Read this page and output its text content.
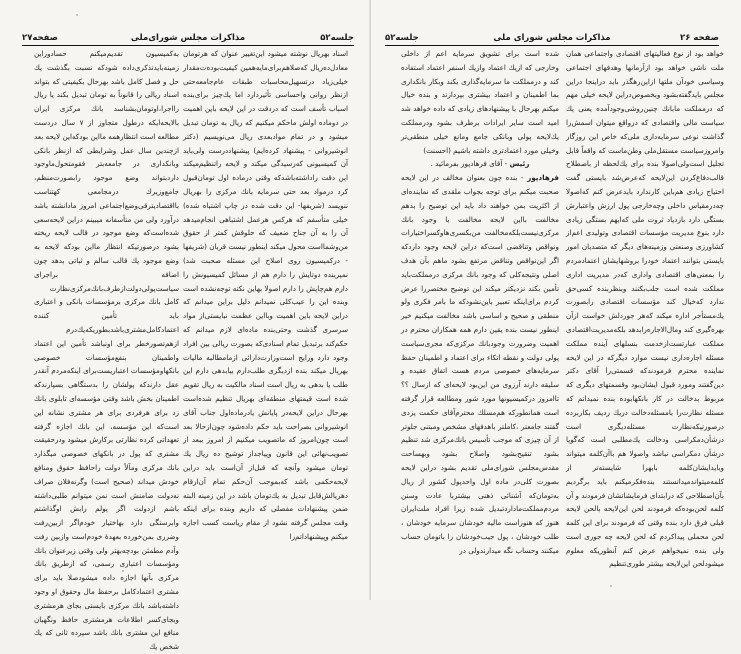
جلسه۵۲
مذاکرات مجلس شورای‌ملی
صفحه۲۷

اسناد بهریال نوشته میشود این‌تغییر عنوان که هرتومان معادل‌ده‌ریال که‌صلاهم‌برای‌مایه‌همین کیفیت‌بوده‌ت‌مقدار خیلی‌زیاد درتسهیل‌محاسبات طبقات عام‌جامعه‌حتی ازنظر روانی واحساسی تأثیردارد اما یك‌چیز برای‌بنده اسباب تأسف است که دردقت در این لایحه باین اهمیت در دوماده اولش ماحکم میکنیم که ریال به تومان تبدیل میشود و در تمام مواد‌بعدی ریال می‌نویسیم (دکتر انوشیروانی - پیشنهاد کرده‌ایم) پیشنهاددرست ولی‌باید آن کمیسیونی که‌رسیدگی میکند و لایحه راتنظیم‌میکند این دقت راداشته‌باشدکه وقتی درماده اول تومان‌قبول کرد درمواد بعد حتی سرمایه بانك مرکزی را بهریال ننویسد (شریفها- این دقت شده در چاپ اشتباه شده) خیلی متأسفم که هرکس هرعمل اشتباهی انجام‌میدهد آن را به آن جناح ضعیف که حلوقش کمتر از حقوق من‌وشما‌است محول میکند اینطور نیست قربان (شریفها - درکمیسیون روی اصلاح این مسئله صحبت شد) نمیرینده دوتایش را دارم هم از مسائل کمیسیونش را دارم هم‌چاپش را دارم اصولا بهاین نکته توجه‌نشده است وبنده این را عیب‌کلی نمیدانم دلیل براین میدانم که دراین لایحه باین اهمیت وبااین عظمت نبایستی‌از مواد سرسری گذشت وحتی‌بنده ماده‌ای لازم میدانم که حکم‌کند برتبدیل تمام اسنادی‌که بصورت ریالی بین افراد وجود دارد ورایج است‌وزارت‌دارائی ازمامطالبه مالیات بهریال میکند بنده ازدیگری طلب‌دارم بیابدهی دارم این طلب یا بدهی به ریال است اسناد مالکیت به ریال تقویم شده است قیمتهای منطقه‌ای بهریال تنظیم شده‌است بهرحال دراین لایحه‌در پایانش یادرماده‌اول جناب آقای انوشیروانی بصراحت باید حکم داده‌شود چون‌ازحالا بعد است چون‌امروز که ماتصویب میکنیم از امروز ببعد از تصویب‌نهائی این قانون وپیاجداز توشیح ده ریال یك تومان میشود وآنچه که قبل‌از آن‌است باید دراین لایحه‌حکمی باشد که‌بموجب آن‌حکم تمام آن‌ارقام دهریالش‌قابل تبدیل به یك‌تومان باشد در این زمینه البته ضمن پیشنهادات مفصلی که داریم وبنده برای اینکه وقت مجلس گرفته نشود از مقام ریاست کسب اجازه میکنم وپیشنهاداتم‌را

به‌کمیسیون تقدیم‌میکنم حسادوراین زمینه‌بایدتذکری‌داده شودکه نسبت بگذشت یك حل و فصل کامل باشد بهرحال بکیفیتی که بتواند اسناد ریالی را قانوناً به تومان تبدیل بکند یا ریال رااجرا،اوتومان‌بشناسد بانك مرکزی ایران بالایحه‌ایکه درطول متجاوز از ۷ سال دردست مطالعه است انتظارهمه مااین بودکه‌این لایحه بعد ازچندین سال عمل وشرایطی که ازنظر بانکی وبانکداری در جامعه‌بتر فقومتحول‌ماوجود داردبتواند وضع موجود رابصورت‌منظم، جامع‌وزیرك درمجامعی کهتناسب بااقتصادیترقی‌وضع‌اجتماعی امروز مادانشته باشد درآورد ولی من متأسفانه میبینم دراین لایحه‌سعی شده‌است‌که وضع موجود در قالب لایحه ریخته بشود درصورتیکه انتظار مااین بودکه لایحه به وضع موجود یك قالب سالم و ثباتی بدهد چون اضافه براجرای سیاست‌پولی‌دولت‌ازطرف‌بانك‌مرکزی‌نظارت کامل بانك مرکزی برمؤسسات بانکی و اعتباری باید تأمین کننده اعتمادکامل‌مشتری‌باشدبطوریکه‌یك‌درم ازهم‌تصورخطر برای اونباشد تأمین این اعتماد واطمینان بنفع‌مؤسسات خصوصی بانکهاومؤسسات اعتباریست‌برای اینکه‌مردم آنقدر عقل دارندکه پولشان را بدستگاهی بسپارندکه اطمینان بخش باشد وقتی مؤسسه‌ای تابلوی بانك زد برای هرفردی برای هر مشتری نشانه این است‌که این مؤسسه، این بانك اجازه گرفته تعهداتی کرده نظارتی برکارش میشود ودرحقیقت مشتری که پول در بانکهای خصوصی میگذارد بانك مرکزی ومآلاً دولت راحافظ حقوق ومنافع خودش میداند (صحیح است) وگرنه‌فلان صراف نه‌دولت ضامنش است نمن میتوانم طلبی‌داشته باشم ازدولت اگر پولم رابش اوگذاشتم وابرستگی دارد بهاختیار خودم‌اگر ازبین‌رفت وضرری بمن‌خورده بعهدهٔ خودم‌است وازبین رفت وآدم مطمئن بودچه‌بهتر ولی وقتی زیرعنوان بانك ومؤسسات اعتباری رسمی، که ازطریق بانك مرکزی بآنها اجازه داده میشودصلا باید برای مشتری اعتمادکامل برحفظ مال وحقوق او وجود داشته‌باشد بانك مرکزی بایستی بجای هرمشتری وبجای‌کسر اطلاعات هرمشتری حافظ ونگهبان منافع این مشتری بانك باشد سپرده ثانی که یك شخص یك

صفحه ۲۶
مذاکرات مجلس شورای ملی
جلسه۵۲

خواهد بود از نوع فعالیتهای اقتصادی واجتماعی همان ملت ناشی خواهد بود ازآرمانها وهدفهای اجتماعی وسیاسی خودآن ملتها ازاین‌رهگذر باید دراینجا دراین مجلس بایدگفته‌بشود وبخصوص‌دراین لایحه خیلی مهم که درمملکت مابانك چنین‌روشی‌وجودآمده یعنی یك سیاست مالی واقتصادی که درواقع میتوان اسمش‌را گذاشت نوعی سرمایه‌داری ملی‌که خاص این روزگار وامروزسیاست مستقل‌ملی وطن‌ماست که واقعاً قابل تجلیل است‌ولی‌اصولا بنده برای یك‌لحظه از باصطلاح قالب‌دفاع‌کردن این‌لایحه که‌عرض‌شد بایستی گفت احتیاج زیادی هم‌باین کارندارد باید‌عرض کنم که‌اصولا چه‌درمقیاس داخلی وچه‌خارجی پول ارزش واعتبارش بستگی دارد بازدیاد ثروت ملی که‌ایهم بستگی زیادی دارد بنوع مدیریت مؤسسات اقتصادی وتولیدی اعم‌از کشاورزی وصنعتی وزمینه‌های دیگر که متصدیان امور بایستی بتوانند اعتماد خودرا بروشهایشان اعتمادمردم را بمعنی‌های اقتصادی واداری که‌در مدیریت اداری مملکت شده است جلب‌بکنند وبنظربنده کسی‌حق ندارد که‌خیال کند مؤسسات اقتصادی رابصورت یك‌مستأجر اداره میکند که‌هر جوردلش خواست ازآن بهره‌گیری کند ومال‌الاجاره‌رابدهد بلکه‌مدیریت‌اقتصادی مملکت عبارتست‌ازخدمت بنسلهای آینده مملکت مسئله اجاره‌داری نیست موارد دیگرکه در این لایحه نماینده محترم فرمودندکه قسمتی‌را آقای دکتر دین‌گفتند ومورد قبول ایشان‌بود وقسمتهای دیگری که مربوط بدخالت در کار بانکهابوده بنده نمیدانم که مسئله نظارت‌را بامسئله‌دخالت دریك ردیف بکاربرده درصورتیکه‌نظارت مسئله‌دیگری است درشأن‌دمکراسی ودخالت یك‌مطلبی است که‌گویا درشأن دمکراسی نباشد واصولا هم باآن‌کلمه میتواند وبایدایشان‌کلمه بابهرا شایسته‌تر از کلمه‌میتواندمیدانستند بنده‌فکرمیکنم باید برگردیم بآن‌اصطلاحی که درابتدای فرمایشاتشان فرمودند و آن کلمه لحن‌بوده‌که فرمودند لحن این‌لایحه بالحن لایحه قبلی فرق دارد بنده وقتی که فرمودند برای این کلمه لحن محملی پیداکردم که لحن لایحه چه جوری است ولی بنده نمیخواهم عرض کنم آنطوریکه معلوم میشودلحن این‌لایحه بیشتر طوری‌تنظیم

شده است برای تشویق سرمایه اعم از داخلی وخارجی که ازیك اعتماد وازیك اسنفر اعتماد استفاده کند و درمملکت ما سرمایه‌گذاری بکند وبکار بانکداری بما اطمینان و اعتماد بیشتری بپردازند و بنده خیال میکنم بهرحال با پیشنهادهای زیادی که داده خواهد شد امید است سایر ایرادات برطرف بشود ودرمملکت یك‌لایحه پولی وبانکی جامع ومانع خیلی منطقی‌تر وخیلی مورد اعتمادتری داشته باشیم (احسنت)

رئیس - آقای فرهادپور بفرمائید .

فرهادپور - بنده چون بعنوان مخالف در این لایحه صحبت میکنم برای توجه بجواب ملقدی که نماینده‌ای از اکثریت بمن خواهند داد باید این توضیح را بدهم مخالفت بااین لایحه مخالفت با وجود بانك مرکزی‌نیست‌بلکه‌مخالفت من‌بکسری‌هاوکسراختیارات ونواقص وتناقضی است‌که دراین لایحه وجود داردکه اگر این‌نواقص وتناقض مرتفع بشود ماهم بآن هدف اصلی ونتیجه‌کلی که وجود بانك مرکزی درمملکت‌باید تأمین بکند نزدیکتر میکند این توضیح مختصررا عرض کردم برای‌اینکه تعبیر باین‌نشود‌که ما بامر فکری ولو منطقی و صحیح و اساسی باشد مخالفت میکنیم خیر اینطور نیست بنده یقین دارم همه همکاران محترم در اهمیت وضرورت وجودبانك مرکزی‌که مجری‌سیاست پولی دولت و نقطه اتکاء برای اعتماد و اطمینان حفظ سرمایه‌های خصوصی مردم هست اتفاق عقیده و سلیقه دارند آرزوی من این‌بود لایحه‌ای که ازسال ؟؟ تاامروز درکمیسیونها مورد شور ومطالعه قرار گرفته است همانطورکه هم‌مسلك محترم‌آقای حکمت یزدی گفتند جامعتر ،کاملتر باهدفهای مشخص ومبتنی جلوتر از آن چیزی که موجب تأسیس بانك‌مرکزی شد تنظیم بشود تنقیح‌بشود واصلاح بشود وبهساحت مقدس‌مجلس شورای‌ملی تقدیم بشود دراین لایحه بصورت کلی‌در ماده اول واحدپول کشور از ریال به‌تومان‌که آشنائی ذهنی بیشتربا عادت وسنن مردم‌مملکت‌ماداردتبدیل شده زیرا افراد ملت‌ایران هنوز که هنوزاست مالیه خودشان سرمایه خودشان ، طلب خودشان ، پول جیب‌خودشان را باتومان حساب میکنند وحساب نگه میدارندولی در
